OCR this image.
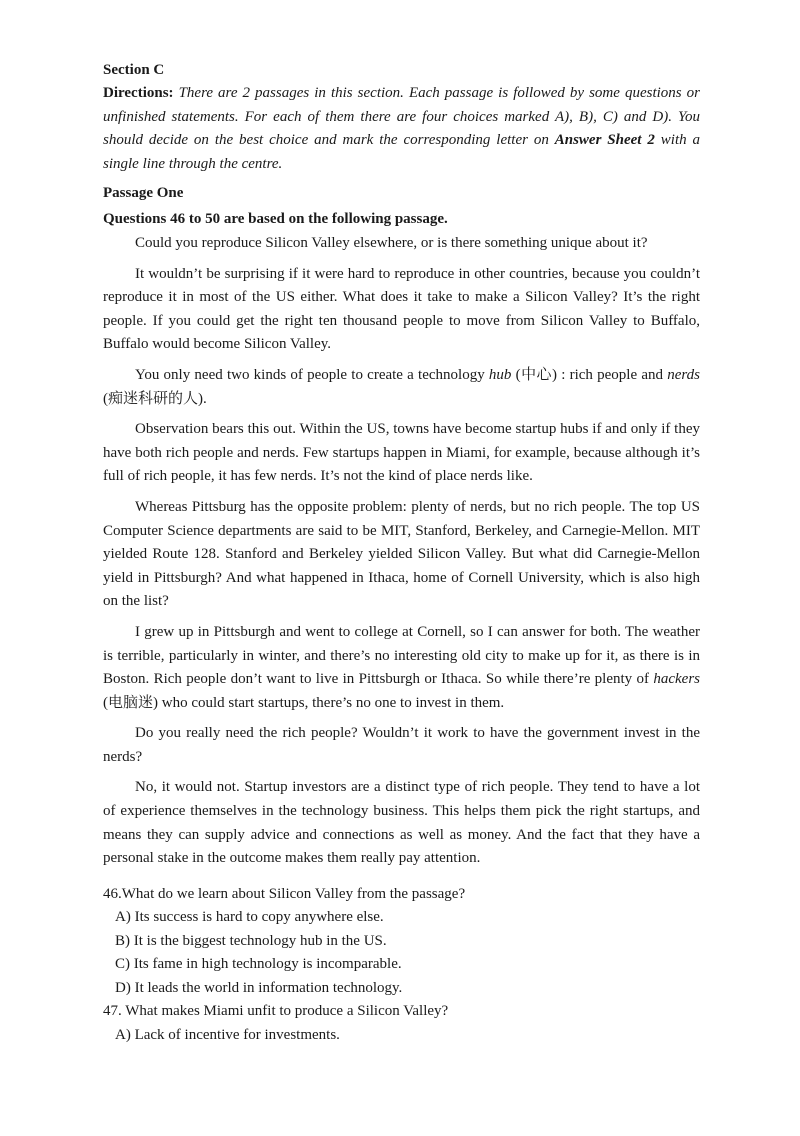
Section C

Directions: There are 2 passages in this section. Each passage is followed by some questions or unfinished statements. For each of them there are four choices marked A), B), C) and D). You should decide on the best choice and mark the corresponding letter on Answer Sheet 2 with a single line through the centre.

Passage One

Questions 46 to 50 are based on the following passage.

Could you reproduce Silicon Valley elsewhere, or is there something unique about it?

It wouldn’t be surprising if it were hard to reproduce in other countries, because you couldn’t reproduce it in most of the US either. What does it take to make a Silicon Valley? It’s the right people. If you could get the right ten thousand people to move from Silicon Valley to Buffalo, Buffalo would become Silicon Valley.

You only need two kinds of people to create a technology hub (中心) : rich people and nerds (痴迷科研的人).

Observation bears this out. Within the US, towns have become startup hubs if and only if they have both rich people and nerds. Few startups happen in Miami, for example, because although it’s full of rich people, it has few nerds. It’s not the kind of place nerds like.

Whereas Pittsburg has the opposite problem: plenty of nerds, but no rich people. The top US Computer Science departments are said to be MIT, Stanford, Berkeley, and Carnegie-Mellon. MIT yielded Route 128. Stanford and Berkeley yielded Silicon Valley. But what did Carnegie-Mellon yield in Pittsburgh? And what happened in Ithaca, home of Cornell University, which is also high on the list?

I grew up in Pittsburgh and went to college at Cornell, so I can answer for both. The weather is terrible, particularly in winter, and there’s no interesting old city to make up for it, as there is in Boston. Rich people don’t want to live in Pittsburgh or Ithaca. So while there’re plenty of hackers (电脑迷) who could start startups, there’s no one to invest in them.

Do you really need the rich people? Wouldn’t it work to have the government invest in the nerds?

No, it would not. Startup investors are a distinct type of rich people. They tend to have a lot of experience themselves in the technology business. This helps them pick the right startups, and means they can supply advice and connections as well as money. And the fact that they have a personal stake in the outcome makes them really pay attention.

46.What do we learn about Silicon Valley from the passage?

A) Its success is hard to copy anywhere else.

B) It is the biggest technology hub in the US.

C) Its fame in high technology is incomparable.

D) It leads the world in information technology.

47. What makes Miami unfit to produce a Silicon Valley?

A) Lack of incentive for investments.
